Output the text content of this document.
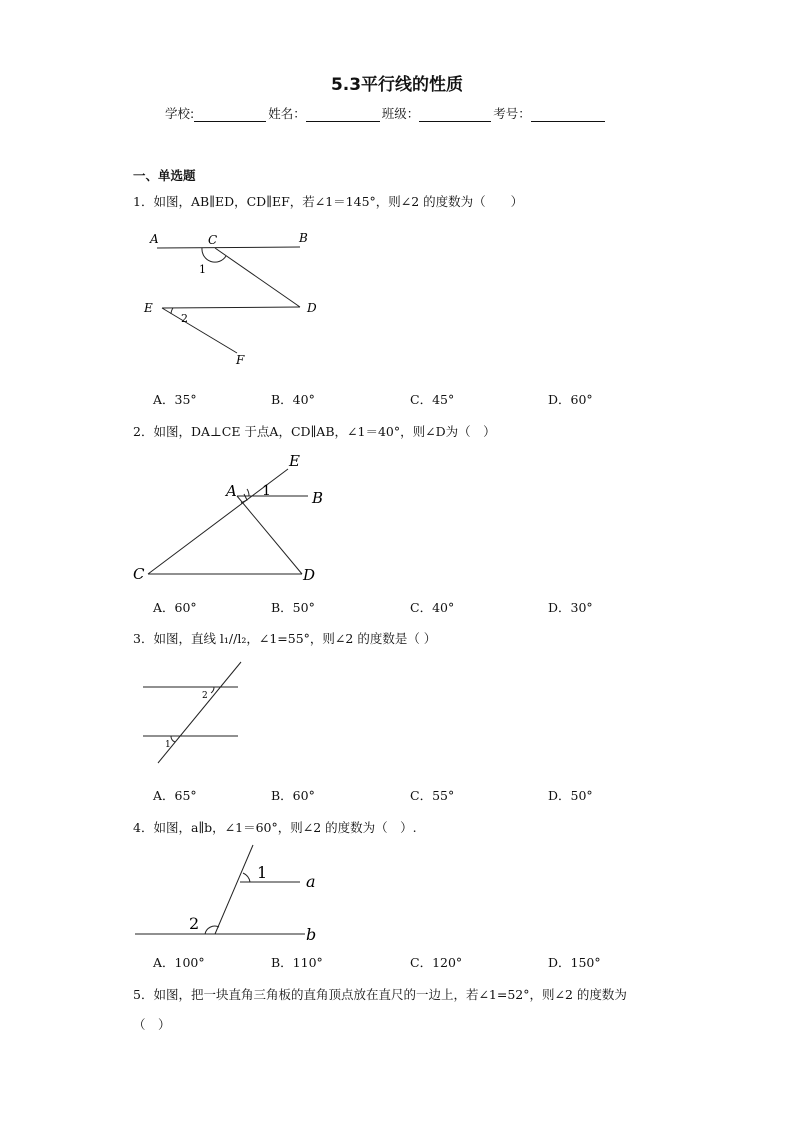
5.3平行线的性质
学校:	姓名：	班级：	考号：
一、单选题
1．如图，AB∥ED，CD∥EF，若∠1＝145°，则∠2 的度数为（　　）
A	C	B
1
E	D
2
F
A．35°	B．40°	C．45°	D．60°
2．如图，DA⊥CE 于点A，CD∥AB，∠1＝40°，则∠D为（　）
E
A 1	B
C	D
A．60°	B．50°	C．40°	D．30°
3．如图，直线 l₁//l₂，∠1=55°，则∠2 的度数是（ ）
2
1
A．65°	B．60°	C．55°	D．50°
4．如图，a∥b，∠1＝60°，则∠2 的度数为（　）.
1 a
2
b
A．100°	B．110°	C．120°	D．150°
5．如图，把一块直角三角板的直角顶点放在直尺的一边上，若∠1=52°，则∠2 的度数为
（　）
